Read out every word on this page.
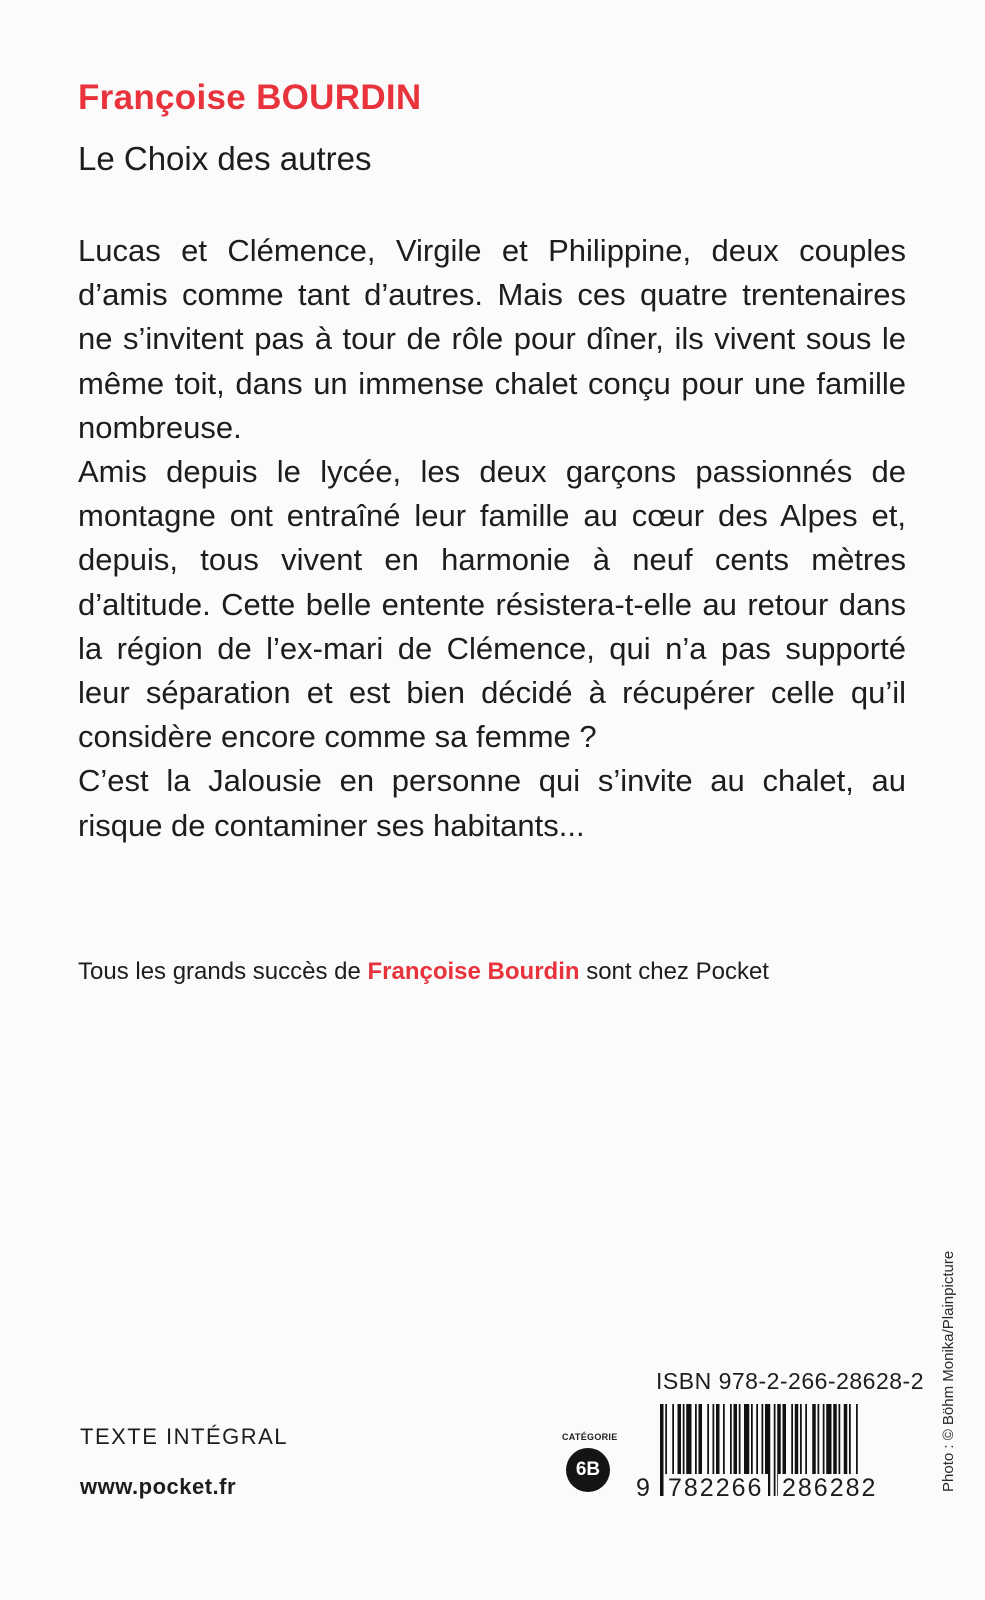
Françoise BOURDIN
Le Choix des autres

Lucas et Clémence, Virgile et Philippine, deux couples d’amis comme tant d’autres. Mais ces quatre trentenaires ne s’invitent pas à tour de rôle pour dîner, ils vivent sous le même toit, dans un immense chalet conçu pour une famille nombreuse.

Amis depuis le lycée, les deux garçons passionnés de montagne ont entraîné leur famille au cœur des Alpes et, depuis, tous vivent en harmonie à neuf cents mètres d’altitude. Cette belle entente résistera-t-elle au retour dans la région de l’ex-mari de Clémence, qui n’a pas supporté leur séparation et est bien décidé à récupérer celle qu’il considère encore comme sa femme ?

C’est la Jalousie en personne qui s’invite au chalet, au risque de contaminer ses habitants...

Tous les grands succès de Françoise Bourdin sont chez Pocket
TEXTE INTÉGRAL
www.pocket.fr
CATÉGORIE
6B
ISBN 978-2-266-28628-2
9 782266 286282	Photo : © Böhm Monika/Plainpicture
